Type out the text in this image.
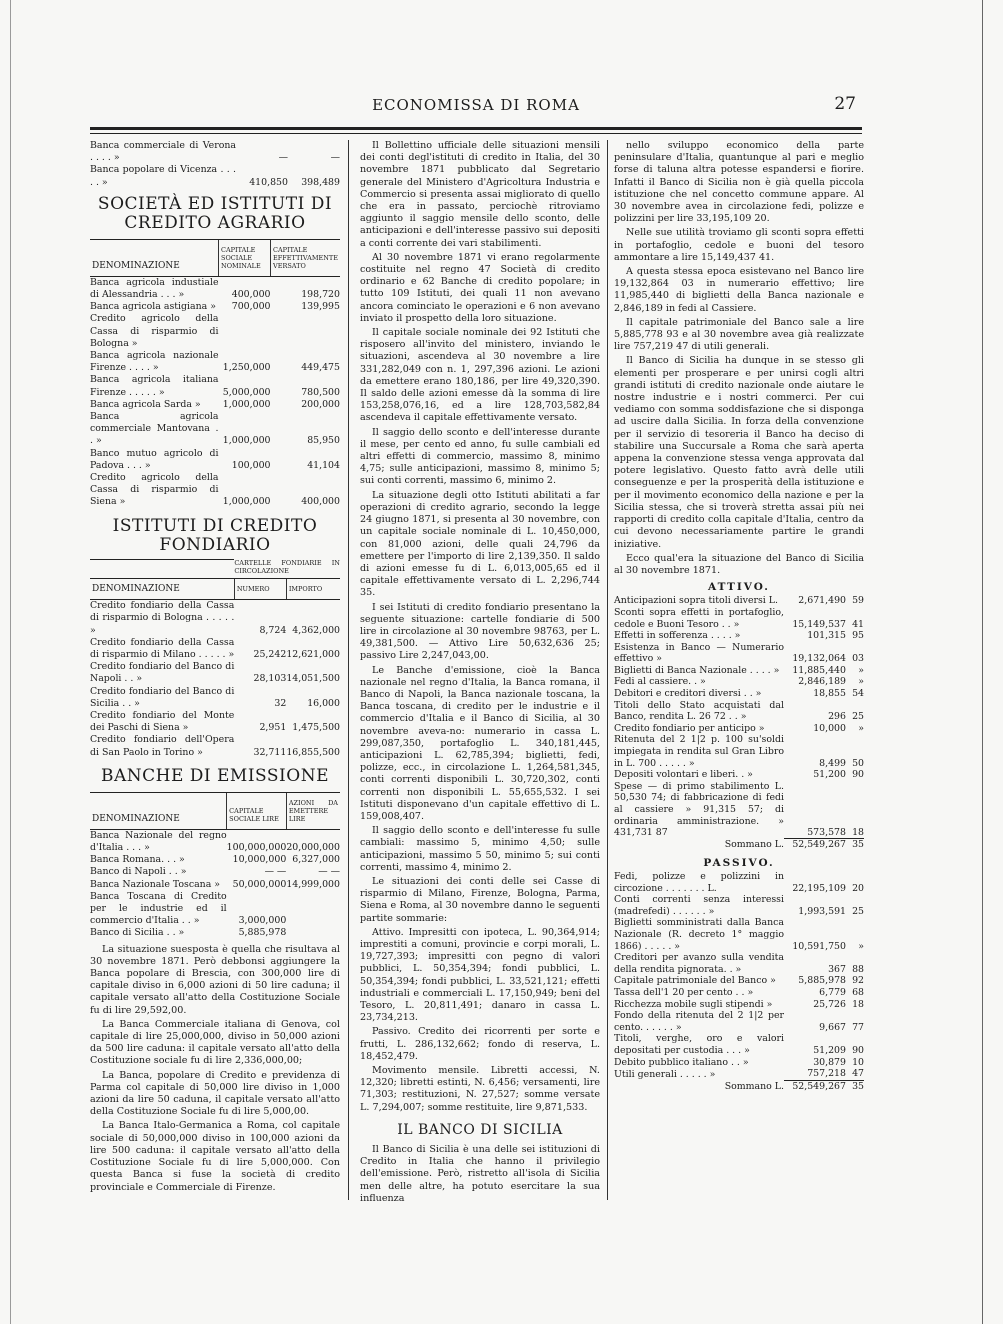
ECONOMISSA DI ROMA	27
Banca commerciale di Verona . . . . »	—	—
Banca popolare di Vicenza . . . . . »	410,850	398,489
SOCIETÀ ED ISTITUTI DI CREDITO AGRARIO
DENOMINAZIONE	CAPITALE SOCIALE NOMINALE	CAPITALE EFFETTIVAMENTE VERSATO
Banca agricola industiale di Alessandria . . . »	400,000	198,720
Banca agricola astigiana »	700,000	139,995
Credito agricolo della Cassa di risparmio di Bologna »		
Banca agricola nazionale Firenze . . . . »	1,250,000	449,475
Banca agricola italiana Firenze . . . . . »	5,000,000	780,500
Banca agricola Sarda »	1,000,000	200,000
Banca agricola commerciale Mantovana . . »	1,000,000	85,950
Banco mutuo agricolo di Padova . . . »	100,000	41,104
Credito agricolo della Cassa di risparmio di Siena »	1,000,000	400,000
ISTITUTI DI CREDITO FONDIARIO
	CARTELLE FONDIARIE IN CIRCOLAZIONE	
DENOMINAZIONE	NUMERO	IMPORTO
Credito fondiario della Cassa di risparmio di Bologna . . . . . »	8,724	4,362,000
Credito fondiario della Cassa di risparmio di Milano . . . . . »	25,242	12,621,000
Credito fondiario del Banco di Napoli . . »	28,103	14,051,500
Credito fondiario del Banco di Sicilia . . »	32	16,000
Credito fondiario del Monte dei Paschi di Siena »	2,951	1,475,500
Credito fondiario dell'Opera di San Paolo in Torino »	32,711	16,855,500
BANCHE DI EMISSIONE
DENOMINAZIONE	CAPITALE SOCIALE LIRE	AZIONI DA EMETTERE LIRE
Banca Nazionale del regno d'Italia . . . »	100,000,000	20,000,000
Banca Romana. . . »	10,000,000	6,327,000
Banco di Napoli . . »	— —	— —
Banca Nazionale Toscana »	50,000,000	14,999,000
Banca Toscana di Credito per le industrie ed il commercio d'Italia . . »	3,000,000	
Banco di Sicilia . . »	5,885,978	

La situazione suesposta è quella che risultava al 30 novembre 1871. Però debbonsi aggiungere la Banca popolare di Brescia, con 300,000 lire di capitale diviso in 6,000 azioni di 50 lire caduna; il capitale versato all'atto della Costituzione Sociale fu di lire 29,592,00.

La Banca Commerciale italiana di Genova, col capitale di lire 25,000,000, diviso in 50,000 azioni da 500 lire caduna: il capitale versato all'atto della Costituzione sociale fu di lire 2,336,000,00;

La Banca, popolare di Credito e previdenza di Parma col capitale di 50,000 lire diviso in 1,000 azioni da lire 50 caduna, il capitale versato all'atto della Costituzione Sociale fu di lire 5,000,00.

La Banca Italo-Germanica a Roma, col capitale sociale di 50,000,000 diviso in 100,000 azioni da lire 500 caduna: il capitale versato all'atto della Costituzione Sociale fu di lire 5,000,000. Con questa Banca si fuse la società di credito provinciale e Commerciale di Firenze.

Il Bollettino ufficiale delle situazioni mensili dei conti degl'istituti di credito in Italia, del 30 novembre 1871 pubblicato dal Segretario generale del Ministero d'Agricoltura Industria e Commercio si presenta assai migliorato di quello che era in passato, perciochè ritroviamo aggiunto il saggio mensile dello sconto, delle anticipazioni e dell'interesse passivo sui depositi a conti corrente dei vari stabilimenti.

Al 30 novembre 1871 vi erano regolarmente costituite nel regno 47 Società di credito ordinario e 62 Banche di credito popolare; in tutto 109 Istituti, dei quali 11 non avevano ancora cominciato le operazioni e 6 non avevano inviato il prospetto della loro situazione.

Il capitale sociale nominale dei 92 Istituti che risposero all'invito del ministero, inviando le situazioni, ascendeva al 30 novembre a lire 331,282,049 con n. 1, 297,396 azioni. Le azioni da emettere erano 180,186, per lire 49,320,390. Il saldo delle azioni emesse dà la somma di lire 153,258,076,16, ed a lire 128,703,582,84 ascendeva il capitale effettivamente versato.

Il saggio dello sconto e dell'interesse durante il mese, per cento ed anno, fu sulle cambiali ed altri effetti di commercio, massimo 8, minimo 4,75; sulle anticipazioni, massimo 8, minimo 5; sui conti correnti, massimo 6, minimo 2.

La situazione degli otto Istituti abilitati a far operazioni di credito agrario, secondo la legge 24 giugno 1871, si presenta al 30 novembre, con un capitale sociale nominale di L. 10,450,000, con 81,000 azioni, delle quali 24,796 da emettere per l'importo di lire 2,139,350. Il saldo di azioni emesse fu di L. 6,013,005,65 ed il capitale effettivamente versato di L. 2,296,744 35.

I sei Istituti di credito fondiario presentano la seguente situazione: cartelle fondiarie di 500 lire in circolazione al 30 novembre 98763, per L. 49,381,500. — Attivo Lire 50,632,636 25; passivo Lire 2,247,043,00.

Le Banche d'emissione, cioè la Banca nazionale nel regno d'Italia, la Banca romana, il Banco di Napoli, la Banca nazionale toscana, la Banca toscana, di credito per le industrie e il commercio d'Italia e il Banco di Sicilia, al 30 novembre aveva-no: numerario in cassa L. 299,087,350, portafoglio L. 340,181,445, anticipazioni L. 62,785,394; biglietti, fedi, polizze, ecc., in circolazione L. 1,264,581,345, conti correnti disponibili L. 30,720,302, conti correnti non disponibili L. 55,655,532. I sei Istituti disponevano d'un capitale effettivo di L. 159,008,407.

Il saggio dello sconto e dell'interesse fu sulle cambiali: massimo 5, minimo 4,50; sulle anticipazioni, massimo 5 50, minimo 5; sui conti correnti, massimo 4, minimo 2.

Le situazioni dei conti delle sei Casse di risparmio di Milano, Firenze, Bologna, Parma, Siena e Roma, al 30 novembre danno le seguenti partite sommarie:

Attivo. Impresitti con ipoteca, L. 90,364,914; imprestiti a comuni, provincie e corpi morali, L. 19,727,393; impresitti con pegno di valori pubblici, L. 50,354,394; fondi pubblici, L. 50,354,394; fondi pubblici, L. 33,521,121; effetti industriali e commerciali L. 17,150,949; beni del Tesoro, L. 20,811,491; danaro in cassa L. 23,734,213.

Passivo. Credito dei ricorrenti per sorte e frutti, L. 286,132,662; fondo di reserva, L. 18,452,479.

Movimento mensile. Libretti accessi, N. 12,320; libretti estinti, N. 6,456; versamenti, lire 71,303; restituzioni, N. 27,527; somme versate L. 7,294,007; somme restituite, lire 9,871,533.

IL BANCO DI SICILIA

Il Banco di Sicilia è una delle sei istituzioni di Credito in Italia che hanno il privilegio dell'emissione. Però, ristretto all'isola di Sicilia men delle altre, ha potuto esercitare la sua influenza

nello sviluppo economico della parte peninsulare d'Italia, quantunque al pari e meglio forse di taluna altra potesse espandersi e fiorire. Infatti il Banco di Sicilia non è già quella piccola istituzione che nel concetto commune appare. Al 30 novembre avea in circolazione fedi, polizze e polizzini per lire 33,195,109 20.

Nelle sue utilità troviamo gli sconti sopra effetti in portafoglio, cedole e buoni del tesoro ammontare a lire 15,149,437 41.

A questa stessa epoca esistevano nel Banco lire 19,132,864 03 in numerario effettivo; lire 11,985,440 di biglietti della Banca nazionale e 2,846,189 in fedi al Cassiere.

Il capitale patrimoniale del Banco sale a lire 5,885,778 93 e al 30 novembre avea già realizzate lire 757,219 47 di utili generali.

Il Banco di Sicilia ha dunque in se stesso gli elementi per prosperare e per unirsi cogli altri grandi istituti di credito nazionale onde aiutare le nostre industrie e i nostri commerci. Per cui vediamo con somma soddisfazione che si disponga ad uscire dalla Sicilia. In forza della convenzione per il servizio di tesoreria il Banco ha deciso di stabilire una Succursale a Roma che sarà aperta appena la convenzione stessa venga approvata dal potere legislativo. Questo fatto avrà delle utili conseguenze e per la prosperità della istituzione e per il movimento economico della nazione e per la Sicilia stessa, che si troverà stretta assai più nei rapporti di credito colla capitale d'Italia, centro da cui devono necessariamente partire le grandi iniziative.

Ecco qual'era la situazione del Banco di Sicilia al 30 novembre 1871.

ATTIVO.
Anticipazioni sopra titoli diversi L.	2,671,490	59
Sconti sopra effetti in portafoglio, cedole e Buoni Tesoro . . »	15,149,537	41
Effetti in sofferenza . . . . »	101,315	95
Esistenza in Banco — Numerario effettivo »	19,132,064	03
Biglietti di Banca Nazionale . . . . »	11,885,440	»
Fedi al cassiere. . »	2,846,189	»
Debitori e creditori diversi . . »	18,855	54
Titoli dello Stato acquistati dal Banco, rendita L. 26 72 . . »	296	25
Credito fondiario per anticipo »	10,000	»
Ritenuta del 2 1|2 p. 100 su'soldi impiegata in rendita sul Gran Libro in L. 700 . . . . . »	8,499	50
Depositi volontari e liberi. . »	51,200	90
Spese — di primo stabilimento L. 50,530 74; di fabbricazione di fedi al cassiere » 91,315 57; di ordinaria amministrazione. » 431,731 87	573,578	18
Sommano L.	52,549,267	35
PASSIVO.
Fedi, polizze e polizzini in circozione . . . . . . . L.	22,195,109	20
Conti correnti senza interessi (madrefedi) . . . . . . »	1,993,591	25
Biglietti somministrati dalla Banca Nazionale (R. decreto 1° maggio 1866) . . . . . »	10,591,750	»
Creditori per avanzo sulla vendita della rendita pignorata. . »	367	88
Capitale patrimoniale del Banco »	5,885,978	92
Tassa dell'1 20 per cento . . »	6,779	68
Ricchezza mobile sugli stipendi »	25,726	18
Fondo della ritenuta del 2 1|2 per cento. . . . . . »	9,667	77
Titoli, verghe, oro e valori depositati per custodia . . . »	51,209	90
Debito pubblico italiano . . »	30,879	10
Utili generali . . . . . »	757,218	47
Sommano L.	52,549,267	35
